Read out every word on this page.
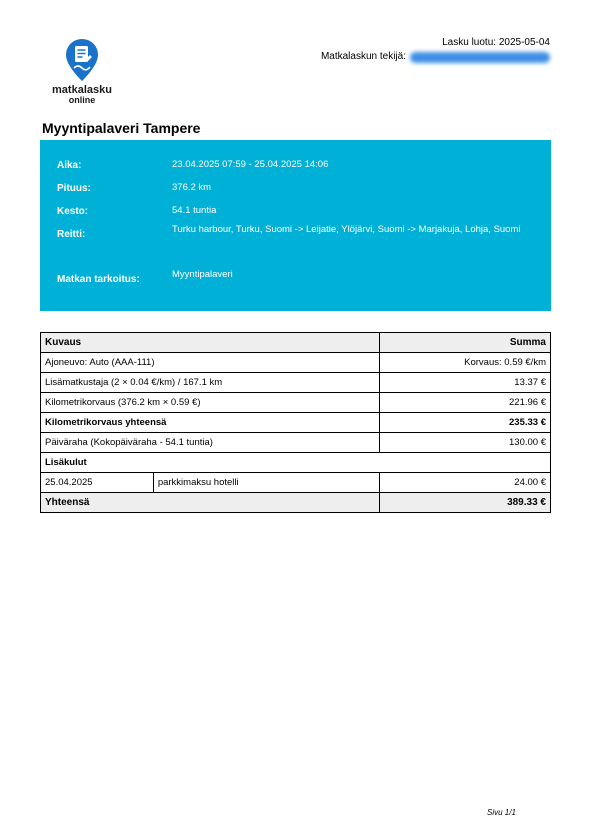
matkalasku
online
Lasku luotu:
2025-05-04
Matkalaskun tekijä:
Myyntipalaveri Tampere
Aika:	23.04.2025 07:59 - 25.04.2025 14:06
Pituus:	376.2 km
Kesto:	54.1 tuntia
Reitti:	Turku harbour, Turku, Suomi -> Leijatie, Ylöjärvi, Suomi -> Marjakuja, Lohja, Suomi
Matkan tarkoitus:	Myyntipalaveri
Kuvaus		Summa
Ajoneuvo: Auto (AAA-111)		Korvaus: 0.59 €/km
Lisämatkustaja (2 × 0.04 €/km) / 167.1 km		13.37 €
Kilometrikorvaus (376.2 km × 0.59 €)		221.96 €
Kilometrikorvaus yhteensä		235.33 €
Päiväraha (Kokopäiväraha - 54.1 tuntia)		130.00 €
Lisäkulut		
25.04.2025	parkkimaksu hotelli	24.00 €
Yhteensä		389.33 €
Sivu 1/1
